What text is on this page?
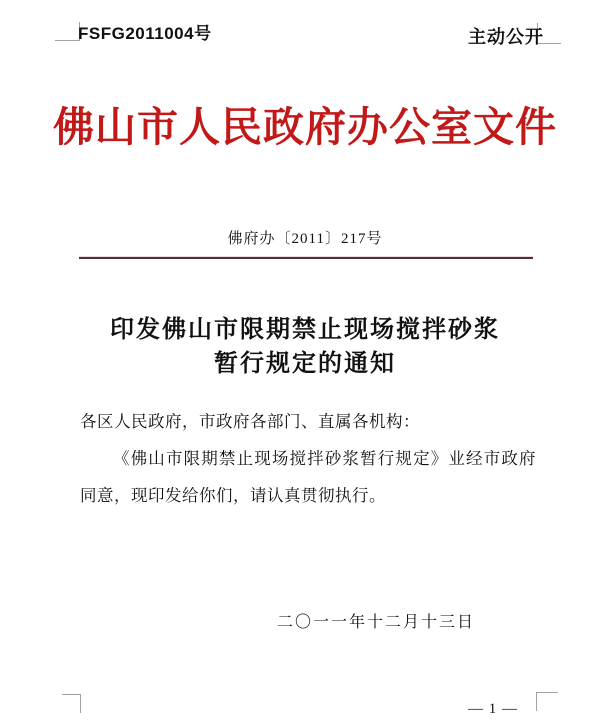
FSFG2011004号	主动公开
佛山市人民政府办公室文件
佛府办〔2011〕217号
印发佛山市限期禁止现场搅拌砂浆
暂行规定的通知

各区人民政府，市政府各部门、直属各机构：

《佛山市限期禁止现场搅拌砂浆暂行规定》业经市政府同意，现印发给你们，请认真贯彻执行。

二〇一一年十二月十三日
— 1 —
